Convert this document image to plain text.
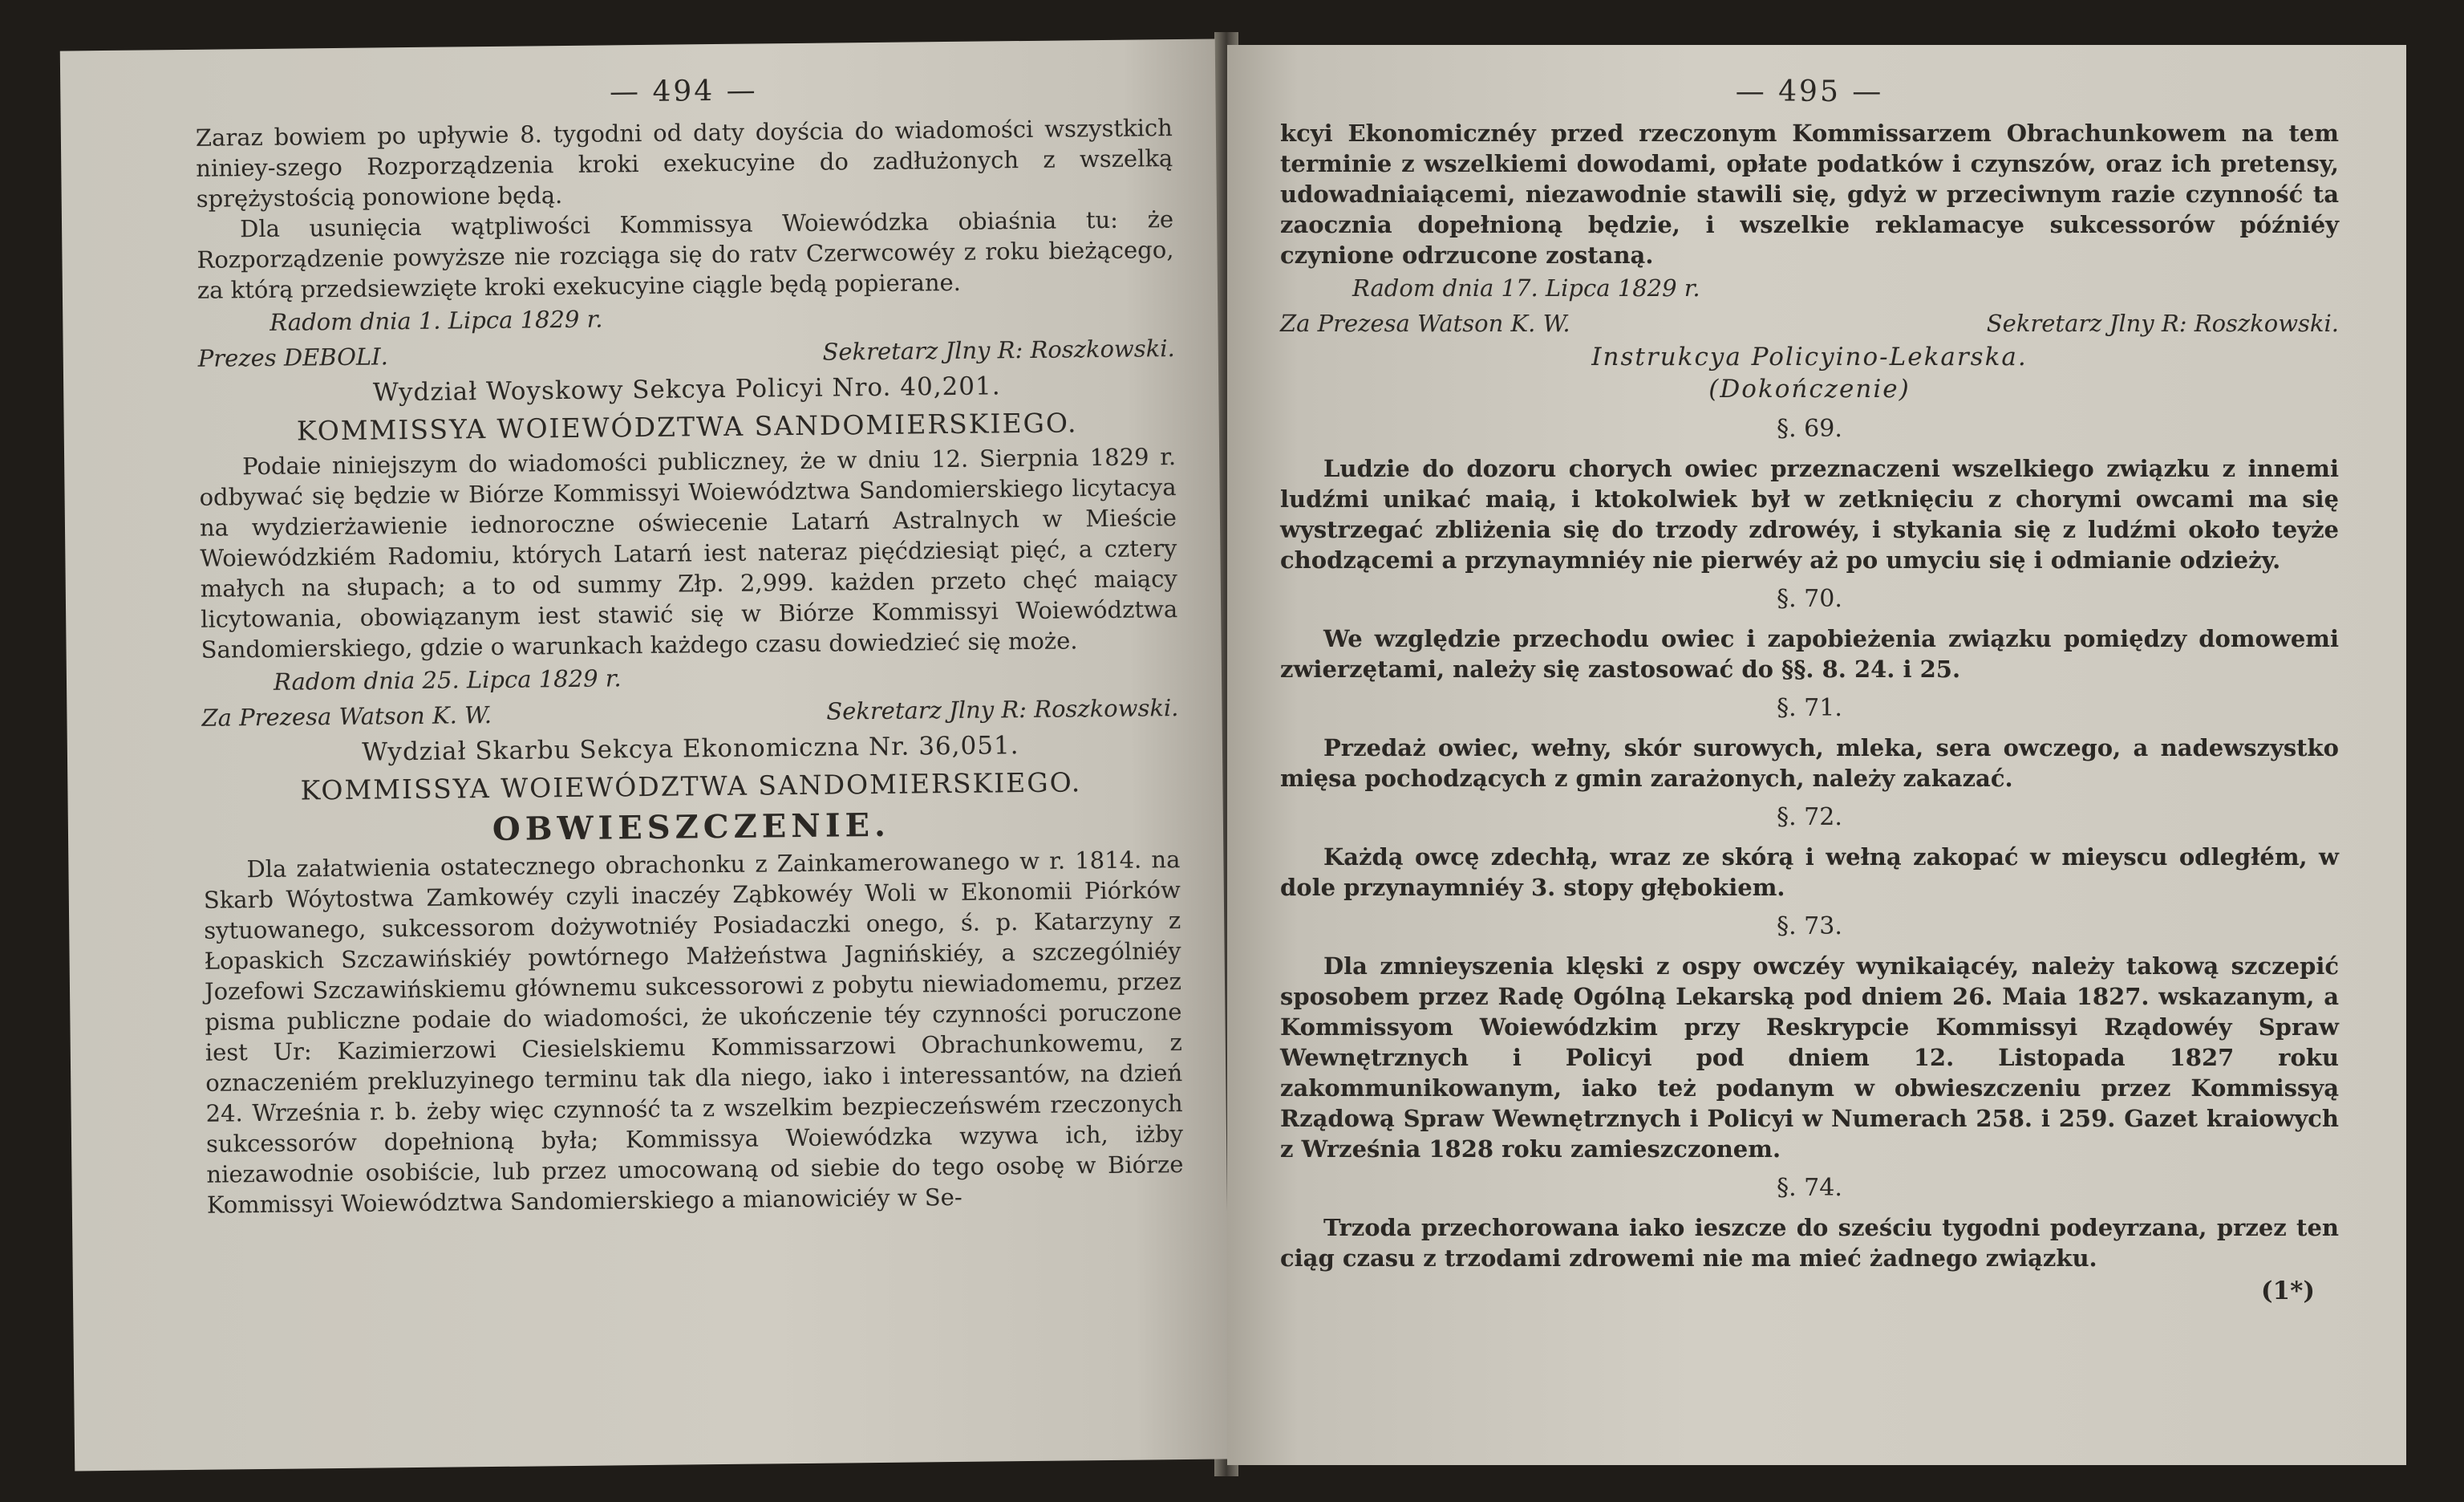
— 494 —

Zaraz bowiem po upływie 8. tygodni od daty doyścia do wiadomości wszystkich niniey-szego Rozporządzenia kroki exekucyine do zadłużonych z wszelką sprężystością ponowione będą.

Dla usunięcia wątpliwości Kommissya Woiewódzka obiaśnia tu: że Rozporządzenie powyższe nie rozciąga się do ratv Czerwcowéy z roku bieżącego, za którą przedsiewzięte kroki exekucyine ciągle będą popierane.

Radom dnia 1. Lipca 1829 r.
Prezes DEBOLI.	Sekretarz Jlny R: Roszkowski.
Wydział Woyskowy Sekcya Policyi Nro. 40,201.
KOMMISSYA WOIEWÓDZTWA SANDOMIERSKIEGO.

Podaie niniejszym do wiadomości publiczney, że w dniu 12. Sierpnia 1829 r. odbywać się będzie w Biórze Kommissyi Woiewództwa Sandomierskiego licytacya na wydzierżawienie iednoroczne oświecenie Latarń Astralnych w Mieście Woiewódzkiém Radomiu, których Latarń iest nateraz pięćdziesiąt pięć, a cztery małych na słupach; a to od summy Złp. 2,999. każden przeto chęć maiący licytowania, obowiązanym iest stawić się w Biórze Kommissyi Woiewództwa Sandomierskiego, gdzie o warunkach każdego czasu dowiedzieć się może.

Radom dnia 25. Lipca 1829 r.
Za Prezesa Watson K. W.	Sekretarz Jlny R: Roszkowski.
Wydział Skarbu Sekcya Ekonomiczna Nr. 36,051.
KOMMISSYA WOIEWÓDZTWA SANDOMIERSKIEGO.
OBWIESZCZENIE.

Dla załatwienia ostatecznego obrachonku z Zainkamerowanego w r. 1814. na Skarb Wóytostwa Zamkowéy czyli inaczéy Ząbkowéy Woli w Ekonomii Piórków sytuowanego, sukcessorom dożywotniéy Posiadaczki onego, ś. p. Katarzyny z Łopaskich Szczawińskiéy powtórnego Małżeństwa Jagnińskiéy, a szczególniéy Jozefowi Szczawińskiemu głównemu sukcessorowi z pobytu niewiadomemu, przez pisma publiczne podaie do wiadomości, że ukończenie téy czynności poruczone iest Ur: Kazimierzowi Ciesielskiemu Kommissarzowi Obrachunkowemu, z oznaczeniém prekluzyinego terminu tak dla niego, iako i interessantów, na dzień 24. Września r. b. żeby więc czynność ta z wszelkim bezpieczeńswém rzeczonych sukcessorów dopełnioną była; Kommissya Woiewódzka wzywa ich, iżby niezawodnie osobiście, lub przez umocowaną od siebie do tego osobę w Biórze Kommissyi Woiewództwa Sandomierskiego a mianowiciéy w Se-

— 495 —

kcyi Ekonomicznéy przed rzeczonym Kommissarzem Obrachunkowem na tem terminie z wszelkiemi dowodami, opłate podatków i czynszów, oraz ich pretensy, udowadniaiącemi, niezawodnie stawili się, gdyż w przeciwnym razie czynność ta zaocznia dopełnioną będzie, i wszelkie reklamacye sukcessorów późniéy czynione odrzucone zostaną.

Radom dnia 17. Lipca 1829 r.
Za Prezesa Watson K. W.	Sekretarz Jlny R: Roszkowski.
Instrukcya Policyino-Lekarska.
(Dokończenie)
§. 69.

Ludzie do dozoru chorych owiec przeznaczeni wszelkiego związku z innemi ludźmi unikać maią, i ktokolwiek był w zetknięciu z chorymi owcami ma się wystrzegać zbliżenia się do trzody zdrowéy, i stykania się z ludźmi około teyże chodzącemi a przynaymniéy nie pierwéy aż po umyciu się i odmianie odzieży.

§. 70.

We względzie przechodu owiec i zapobieżenia związku pomiędzy domowemi zwierzętami, należy się zastosować do §§. 8. 24. i 25.

§. 71.

Przedaż owiec, wełny, skór surowych, mleka, sera owczego, a nadewszystko mięsa pochodzących z gmin zarażonych, należy zakazać.

§. 72.

Każdą owcę zdechłą, wraz ze skórą i wełną zakopać w mieyscu odległém, w dole przynaymniéy 3. stopy głębokiem.

§. 73.

Dla zmnieyszenia klęski z ospy owczéy wynikaiącéy, należy takową szczepić sposobem przez Radę Ogólną Lekarską pod dniem 26. Maia 1827. wskazanym, a Kommissyom Woiewódzkim przy Reskrypcie Kommissyi Rządowéy Spraw Wewnętrznych i Policyi pod dniem 12. Listopada 1827 roku zakommunikowanym, iako też podanym w obwieszczeniu przez Kommissyą Rządową Spraw Wewnętrznych i Policyi w Numerach 258. i 259. Gazet kraiowych z Września 1828 roku zamieszczonem.

§. 74.

Trzoda przechorowana iako ieszcze do sześciu tygodni podeyrzana, przez ten ciąg czasu z trzodami zdrowemi nie ma mieć żadnego związku.

(1*)
